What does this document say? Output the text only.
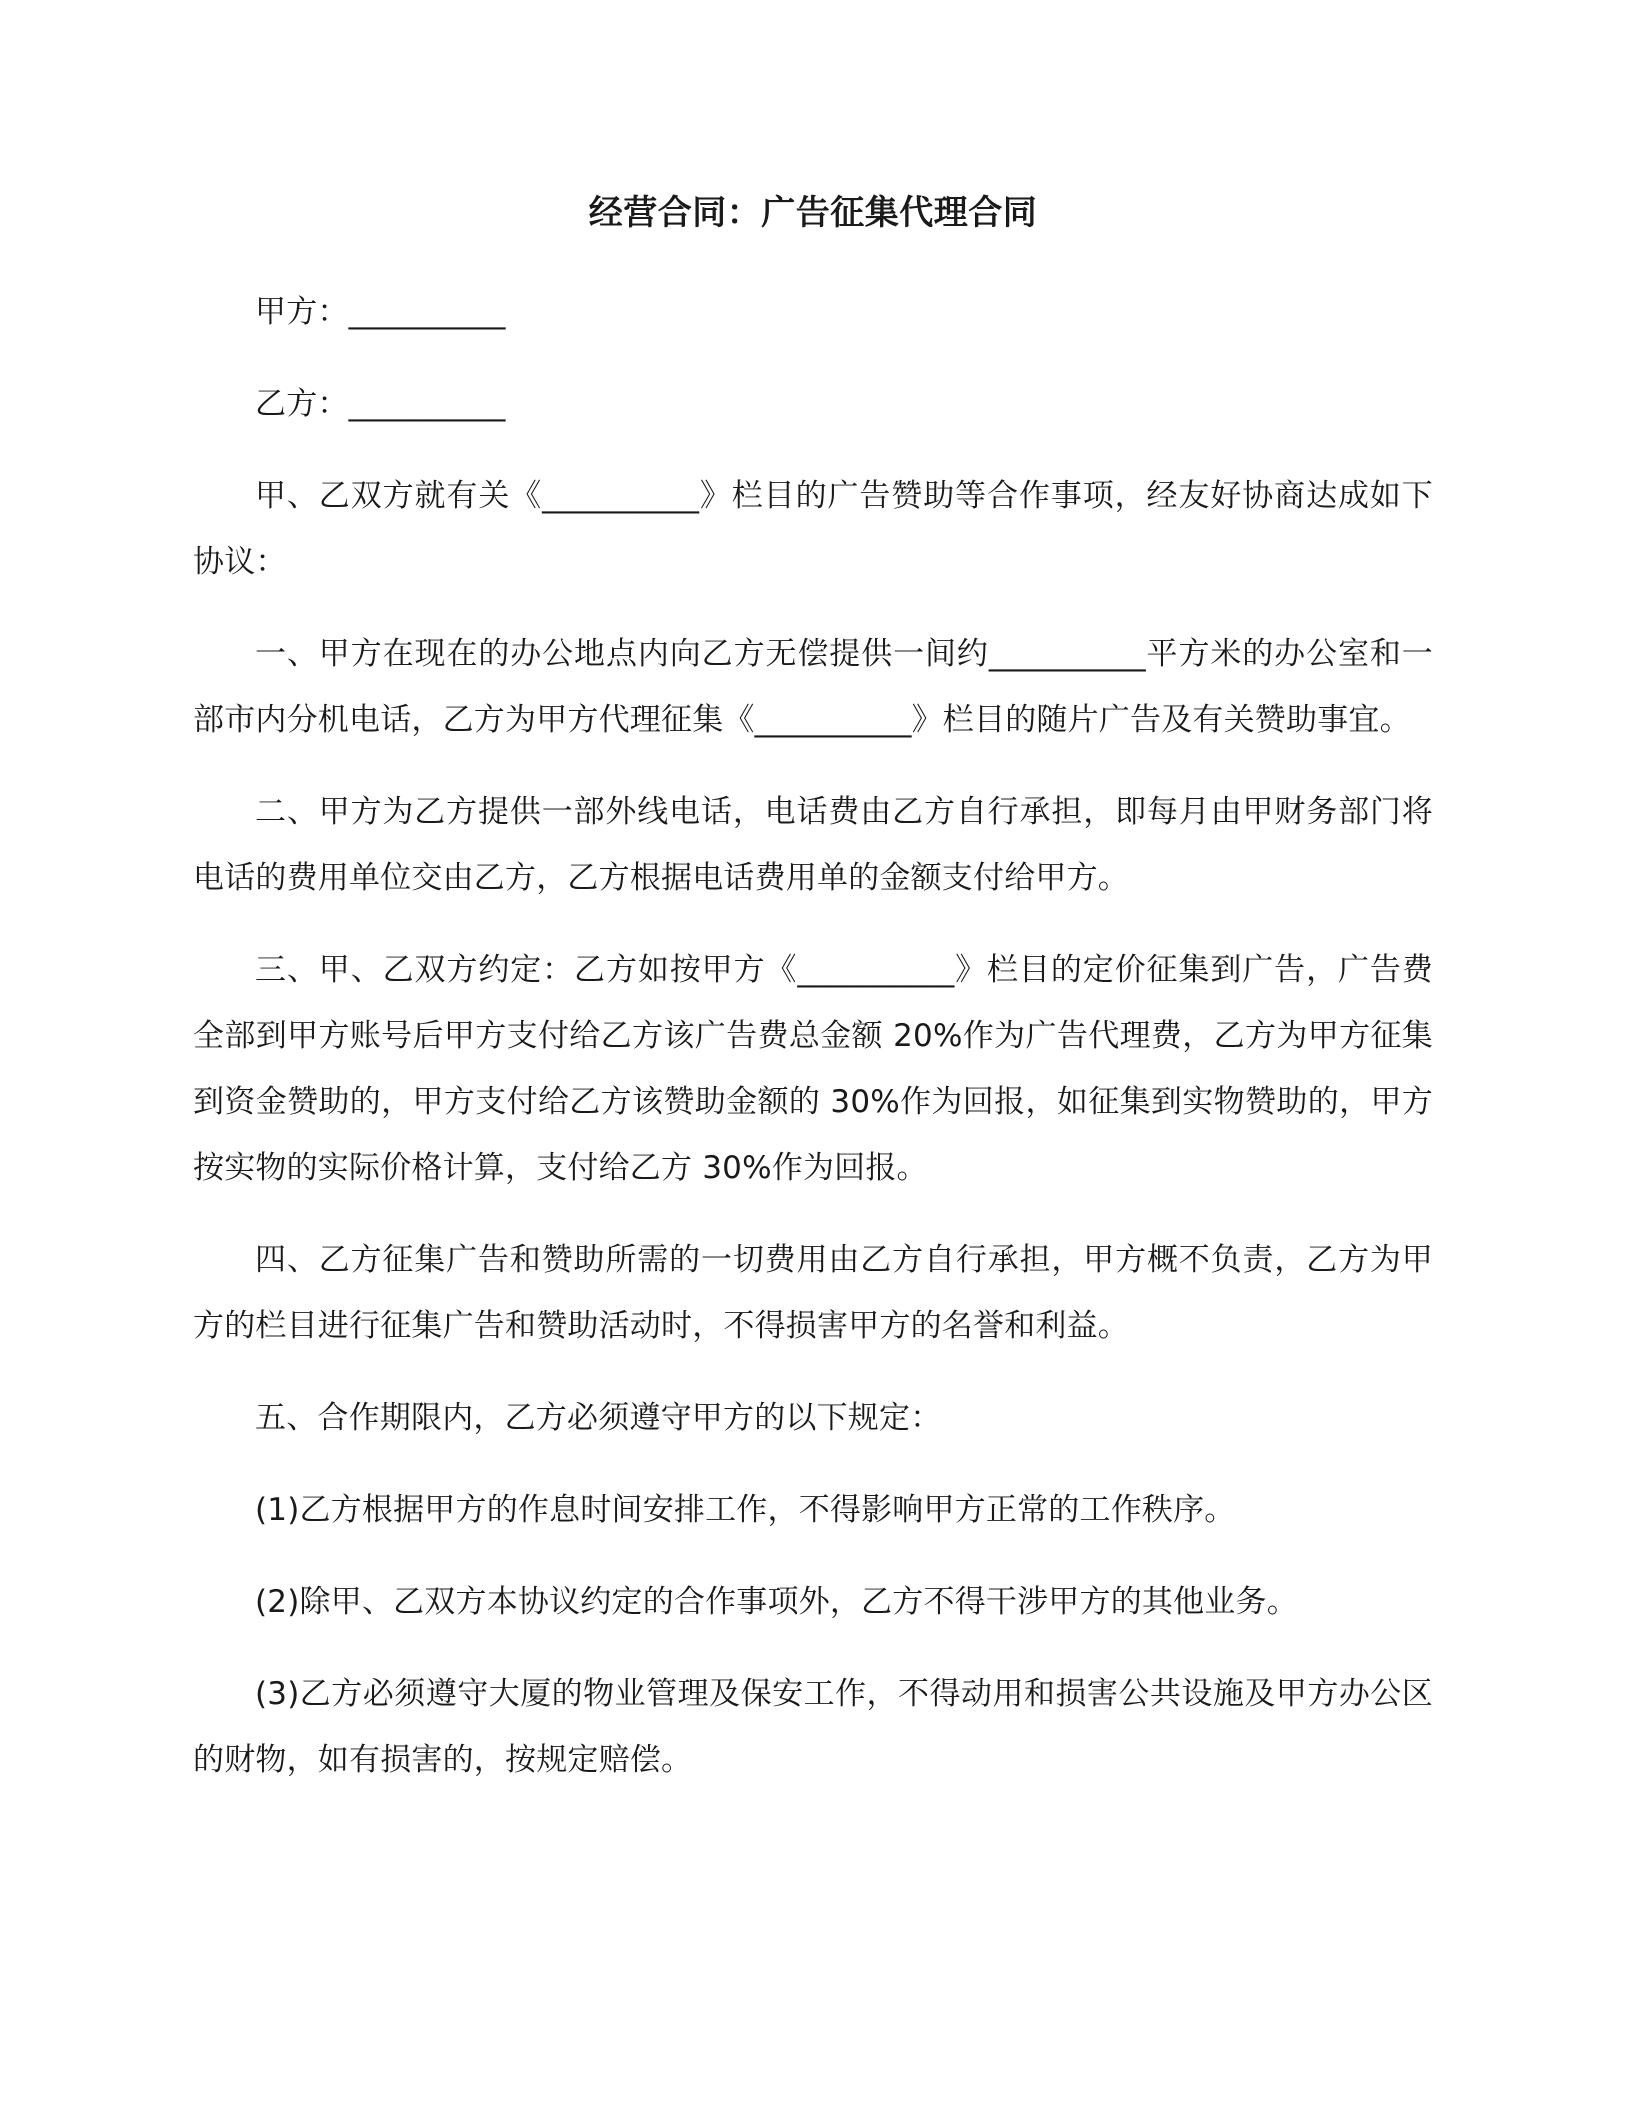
经营合同：广告征集代理合同

甲方：__________

乙方：__________

甲、乙双方就有关《__________》栏目的广告赞助等合作事项，经友好协商达成如下协议：

一、甲方在现在的办公地点内向乙方无偿提供一间约__________平方米的办公室和一部市内分机电话，乙方为甲方代理征集《__________》栏目的随片广告及有关赞助事宜。

二、甲方为乙方提供一部外线电话，电话费由乙方自行承担，即每月由甲财务部门将电话的费用单位交由乙方，乙方根据电话费用单的金额支付给甲方。

三、甲、乙双方约定：乙方如按甲方《__________》栏目的定价征集到广告，广告费全部到甲方账号后甲方支付给乙方该广告费总金额 20%作为广告代理费，乙方为甲方征集到资金赞助的，甲方支付给乙方该赞助金额的 30%作为回报，如征集到实物赞助的，甲方按实物的实际价格计算，支付给乙方 30%作为回报。

四、乙方征集广告和赞助所需的一切费用由乙方自行承担，甲方概不负责，乙方为甲方的栏目进行征集广告和赞助活动时，不得损害甲方的名誉和利益。

五、合作期限内，乙方必须遵守甲方的以下规定：

(1)乙方根据甲方的作息时间安排工作，不得影响甲方正常的工作秩序。

(2)除甲、乙双方本协议约定的合作事项外，乙方不得干涉甲方的其他业务。

(3)乙方必须遵守大厦的物业管理及保安工作，不得动用和损害公共设施及甲方办公区的财物，如有损害的，按规定赔偿。
